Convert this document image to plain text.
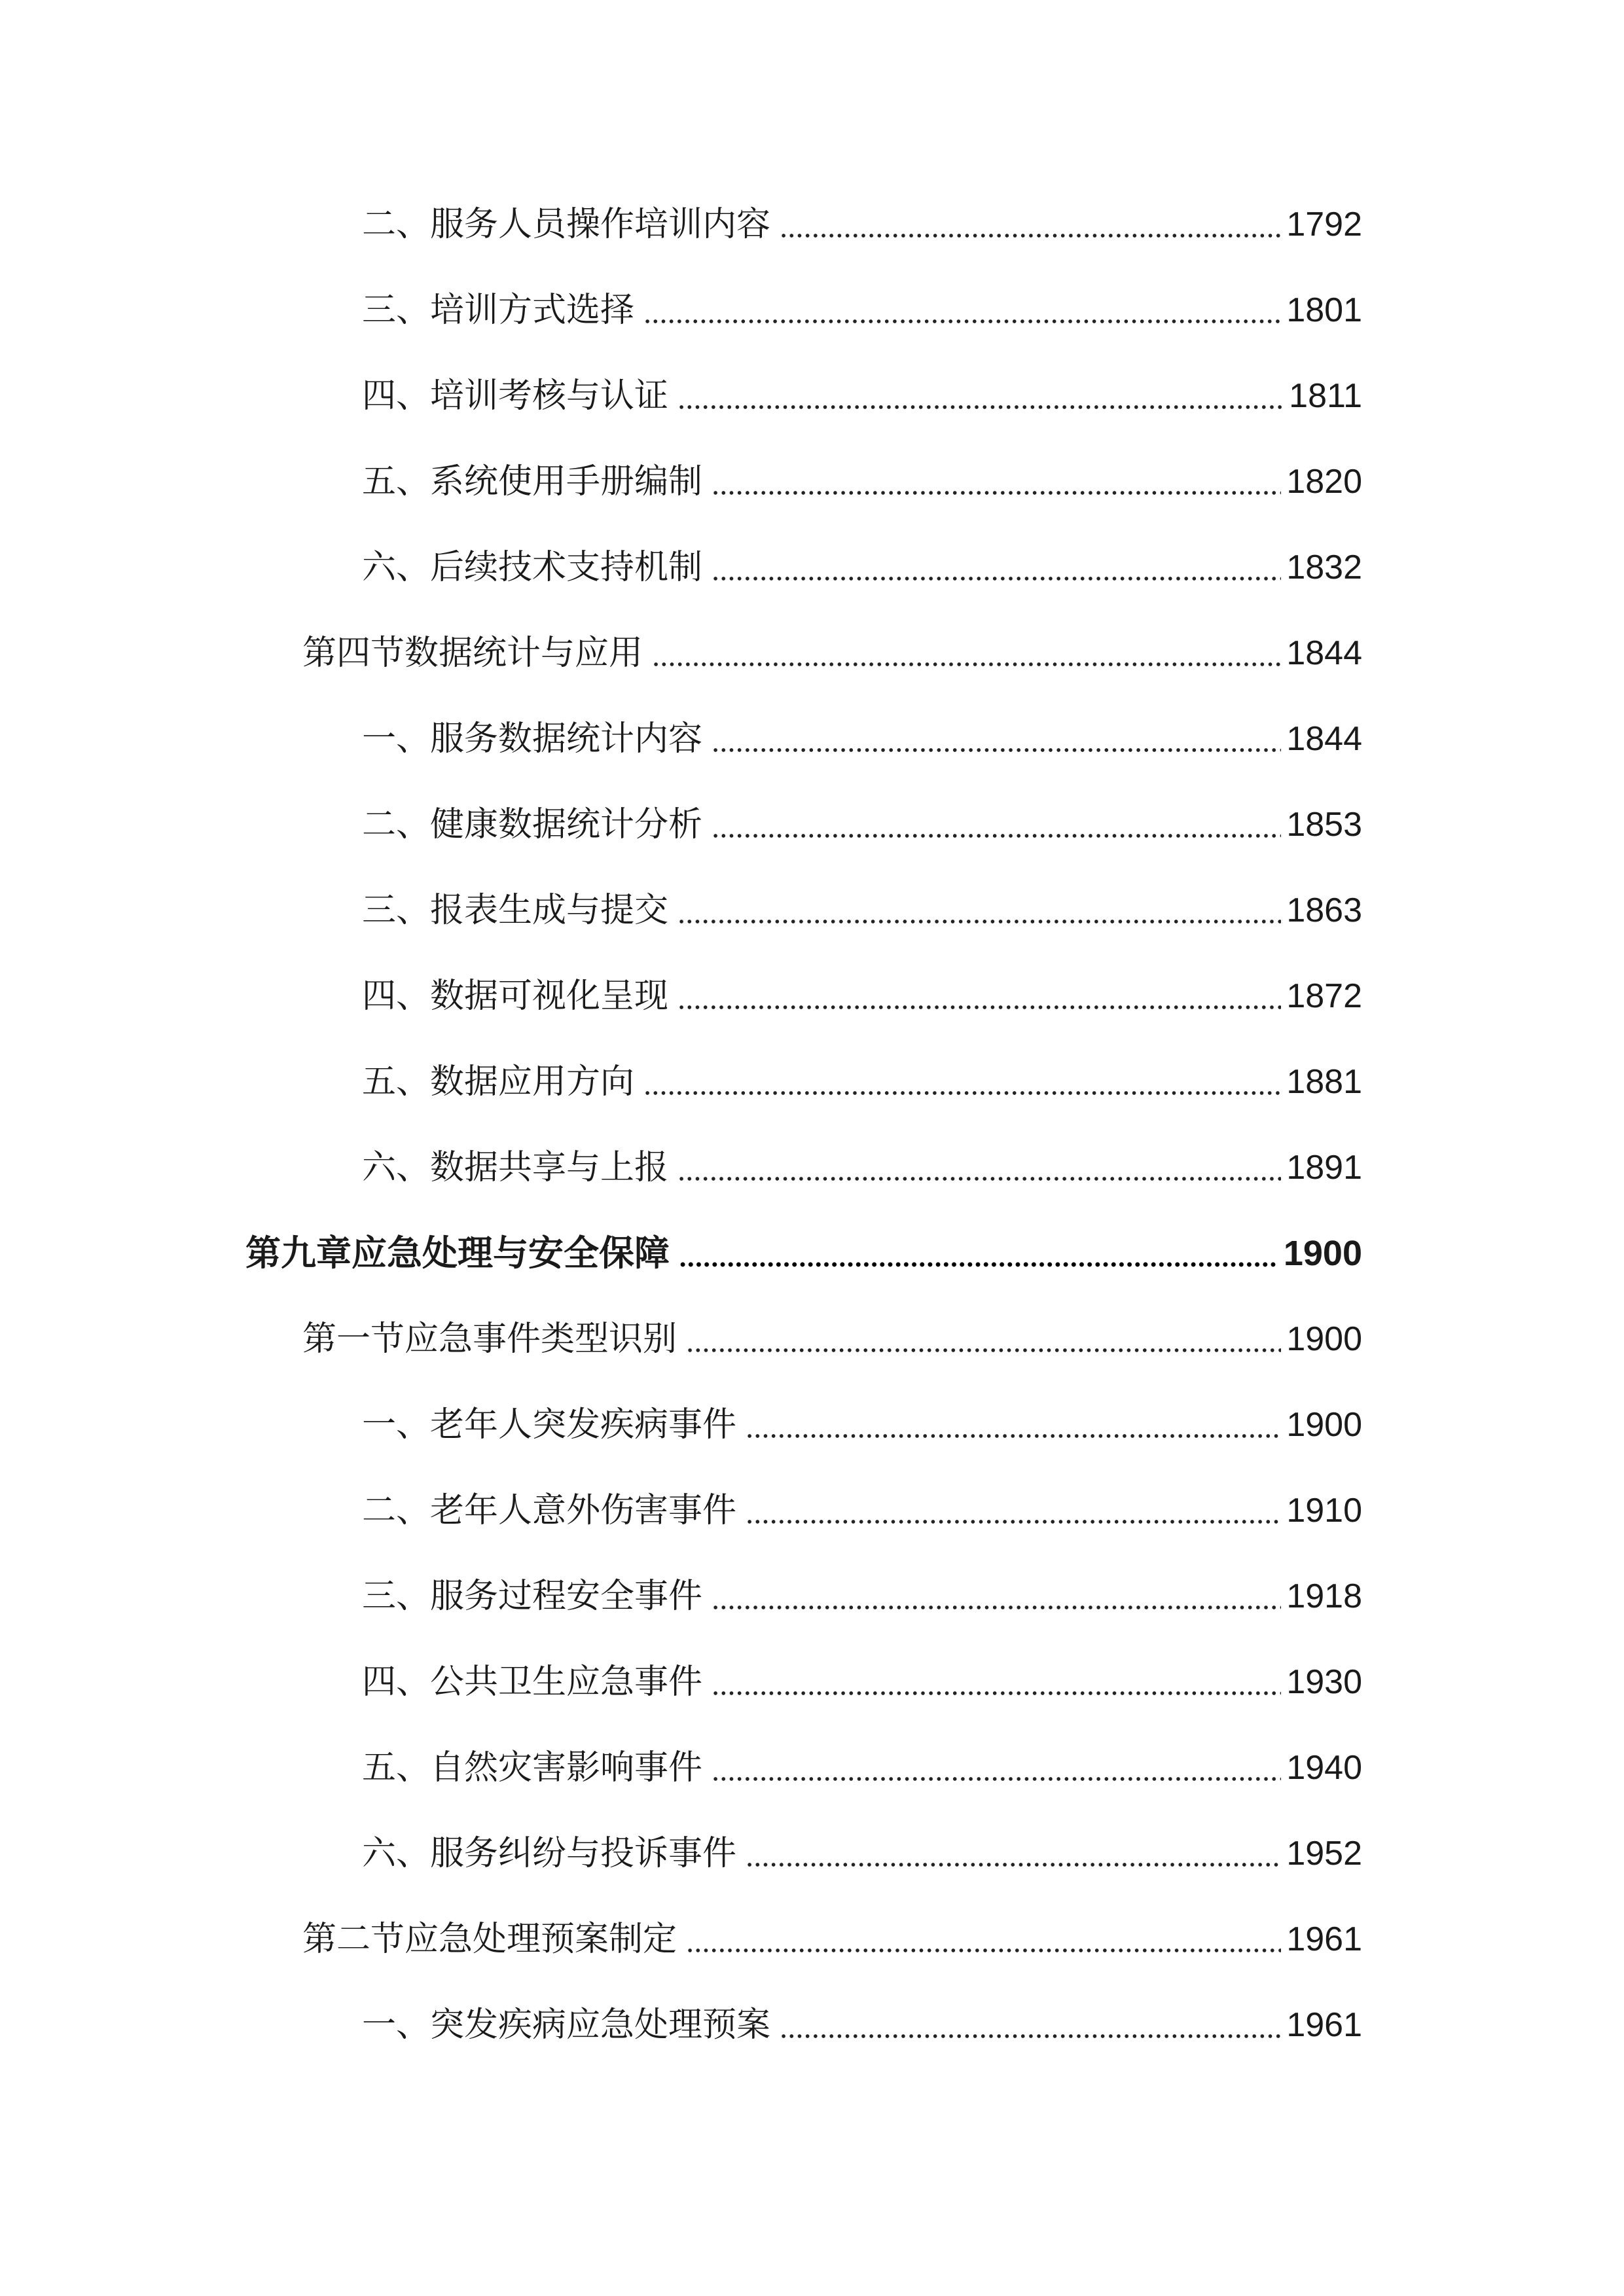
二、服务人员操作培训内容	1792
三、培训方式选择	1801
四、培训考核与认证	1811
五、系统使用手册编制	1820
六、后续技术支持机制	1832
第四节数据统计与应用	1844
一、服务数据统计内容	1844
二、健康数据统计分析	1853
三、报表生成与提交	1863
四、数据可视化呈现	1872
五、数据应用方向	1881
六、数据共享与上报	1891
第九章应急处理与安全保障	1900
第一节应急事件类型识别	1900
一、老年人突发疾病事件	1900
二、老年人意外伤害事件	1910
三、服务过程安全事件	1918
四、公共卫生应急事件	1930
五、自然灾害影响事件	1940
六、服务纠纷与投诉事件	1952
第二节应急处理预案制定	1961
一、突发疾病应急处理预案	1961
